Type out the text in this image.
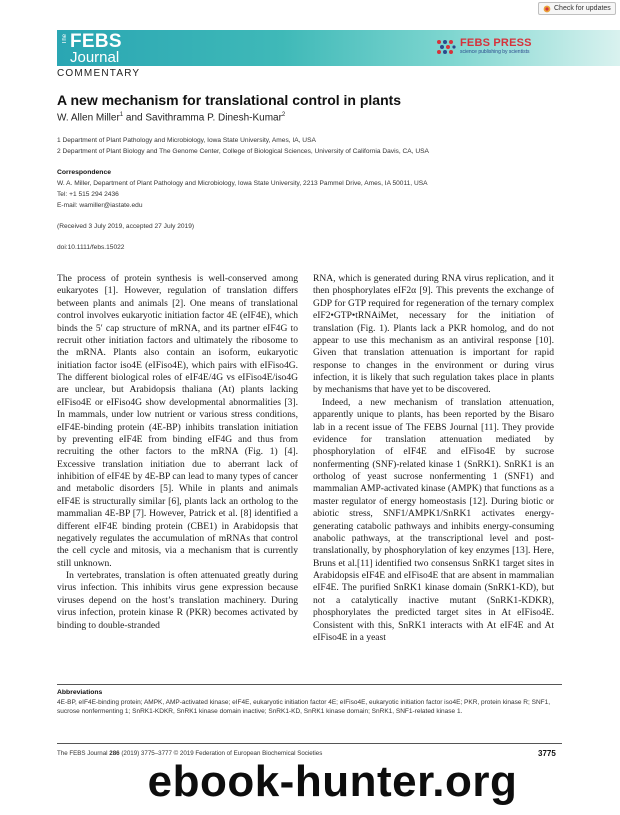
Check for updates
The FEBS
Journal
FEBS PRESS
science publishing by scientists
COMMENTARY
A new mechanism for translational control in plants
W. Allen Miller$^1$ and Savithramma P. Dinesh-Kumar$^2$
1 Department of Plant Pathology and Microbiology, Iowa State University, Ames, IA, USA
2 Department of Plant Biology and The Genome Center, College of Biological Sciences, University of California Davis, CA, USA
Correspondence
W. A. Miller, Department of Plant Pathology and Microbiology, Iowa State University, 2213 Pammel Drive, Ames, IA 50011, USA
Tel: +1 515 294 2436
E-mail: wamiller@iastate.edu
(Received 3 July 2019, accepted 27 July 2019)
doi:10.1111/febs.15022

The process of protein synthesis is well-conserved among eukaryotes [1]. However, regulation of translation differs between plants and animals [2]. One means of translational control involves eukaryotic initiation factor 4E (eIF4E), which binds the 5′ cap structure of mRNA, and its partner eIF4G to recruit other initiation factors and ultimately the ribosome to the mRNA. Plants also contain an isoform, eukaryotic initiation factor iso4E (eIFiso4E), which pairs with eIFiso4G. The different biological roles of eIF4E/4G vs eIFiso4E/iso4G are unclear, but Arabidopsis thaliana (At) plants lacking eIFiso4E or eIFiso4G show developmental abnormalities [3]. In mammals, under low nutrient or various stress conditions, eIF4E-binding protein (4E-BP) inhibits translation initiation by preventing eIF4E from binding eIF4G and thus from recruiting the other factors to the mRNA (Fig. 1) [4]. Excessive translation initiation due to aberrant lack of inhibition of eIF4E by 4E-BP can lead to many types of cancer and metabolic disorders [5]. While in plants and animals eIF4E is structurally similar [6], plants lack an ortholog to the mammalian 4E-BP [7]. However, Patrick et al. [8] identified a different eIF4E binding protein (CBE1) in Arabidopsis that negatively regulates the accumulation of mRNAs that control the cell cycle and mitosis, via a mechanism that is currently still unknown.

In vertebrates, translation is often attenuated greatly during virus infection. This inhibits virus gene expression because viruses depend on the host’s translation machinery. During virus infection, protein kinase R (PKR) becomes activated by binding to double-stranded

RNA, which is generated during RNA virus replication, and it then phosphorylates eIF2α [9]. This prevents the exchange of GDP for GTP required for regeneration of the ternary complex eIF2•GTP•tRNAiMet, necessary for the initiation of translation (Fig. 1). Plants lack a PKR homolog, and do not appear to use this mechanism as an antiviral response [10]. Given that translation attenuation is important for rapid response to changes in the environment or during virus infection, it is likely that such regulation takes place in plants by mechanisms that have yet to be discovered.

Indeed, a new mechanism of translation attenuation, apparently unique to plants, has been reported by the Bisaro lab in a recent issue of The FEBS Journal [11]. They provide evidence for translation attenuation mediated by phosphorylation of eIF4E and eIFiso4E by sucrose nonfermenting (SNF)-related kinase 1 (SnRK1). SnRK1 is an ortholog of yeast sucrose nonfermenting 1 (SNF1) and mammalian AMP-activated kinase (AMPK) that functions as a master regulator of energy homeostasis [12]. During biotic or abiotic stress, SNF1/AMPK1/SnRK1 activates energy-generating catabolic pathways and inhibits energy-consuming anabolic pathways, at the transcriptional level and post-translationally, by phosphorylation of key enzymes [13]. Here, Bruns et al.[11] identified two consensus SnRK1 target sites in Arabidopsis eIF4E and eIFiso4E that are absent in mammalian eIF4E. The purified SnRK1 kinase domain (SnRK1-KD), but not a catalytically inactive mutant (SnRK1-KDKR), phosphorylates the predicted target sites in At eIFiso4E. Consistent with this, SnRK1 interacts with At eIF4E and At eIFiso4E in a yeast

Abbreviations
4E-BP, eIF4E-binding protein; AMPK, AMP-activated kinase; eIF4E, eukaryotic initiation factor 4E; eIFiso4E, eukaryotic initiation factor iso4E; PKR, protein kinase R; SNF1, sucrose nonfermenting 1; SnRK1-KDKR, SnRK1 kinase domain inactive; SnRK1-KD, SnRK1 kinase domain; SnRK1, SNF1-related kinase 1.
The FEBS Journal 286 (2019) 3775–3777 © 2019 Federation of European Biochemical Societies	3775
ebook-hunter.org
